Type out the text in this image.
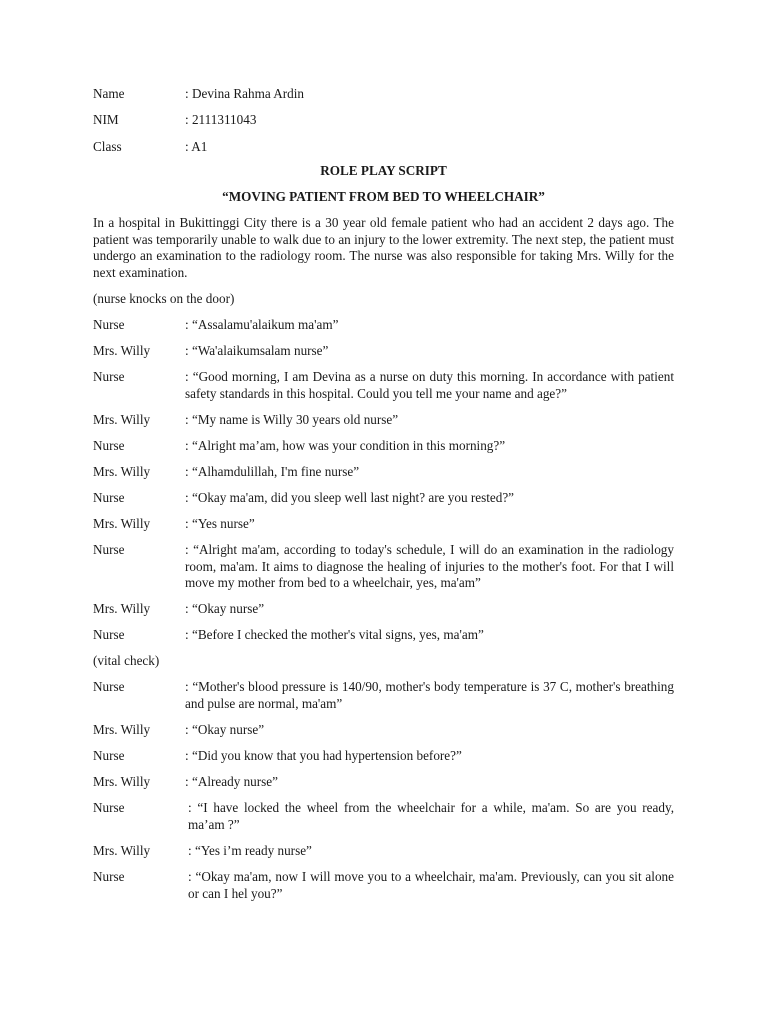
Name	: Devina Rahma Ardin
NIM	: 2111311043
Class	: A1
ROLE PLAY SCRIPT
“MOVING PATIENT FROM BED TO WHEELCHAIR”
In a hospital in Bukittinggi City there is a 30 year old female patient who had an accident 2 days ago. The patient was temporarily unable to walk due to an injury to the lower extremity. The next step, the patient must undergo an examination to the radiology room. The nurse was also responsible for taking Mrs. Willy for the next examination.
(nurse knocks on the door)
Nurse	: “Assalamu'alaikum ma'am”
Mrs. Willy	: “Wa'alaikumsalam nurse”
Nurse	: “Good morning, I am Devina as a nurse on duty this morning. In accordance with patient safety standards in this hospital. Could you tell me your name and age?”
Mrs. Willy	: “My name is Willy 30 years old nurse”
Nurse	: “Alright ma’am, how was your condition in this morning?”
Mrs. Willy	: “Alhamdulillah, I'm fine nurse”
Nurse	: “Okay ma'am, did you sleep well last night? are you rested?”
Mrs. Willy	: “Yes nurse”
Nurse	: “Alright ma'am, according to today's schedule, I will do an examination in the radiology room, ma'am. It aims to diagnose the healing of injuries to the mother's foot. For that I will move my mother from bed to a wheelchair, yes, ma'am”
Mrs. Willy	: “Okay nurse”
Nurse	: “Before I checked the mother's vital signs, yes, ma'am”
(vital check)
Nurse	: “Mother's blood pressure is 140/90, mother's body temperature is 37 C, mother's breathing and pulse are normal, ma'am”
Mrs. Willy	: “Okay nurse”
Nurse	: “Did you know that you had hypertension before?”
Mrs. Willy	: “Already nurse”
Nurse	: “I have locked the wheel from the wheelchair for a while, ma'am. So are you ready, ma’am ?”
Mrs. Willy	: “Yes i’m ready nurse”
Nurse	: “Okay ma'am, now I will move you to a wheelchair, ma'am. Previously, can you sit alone or can I hel you?”
